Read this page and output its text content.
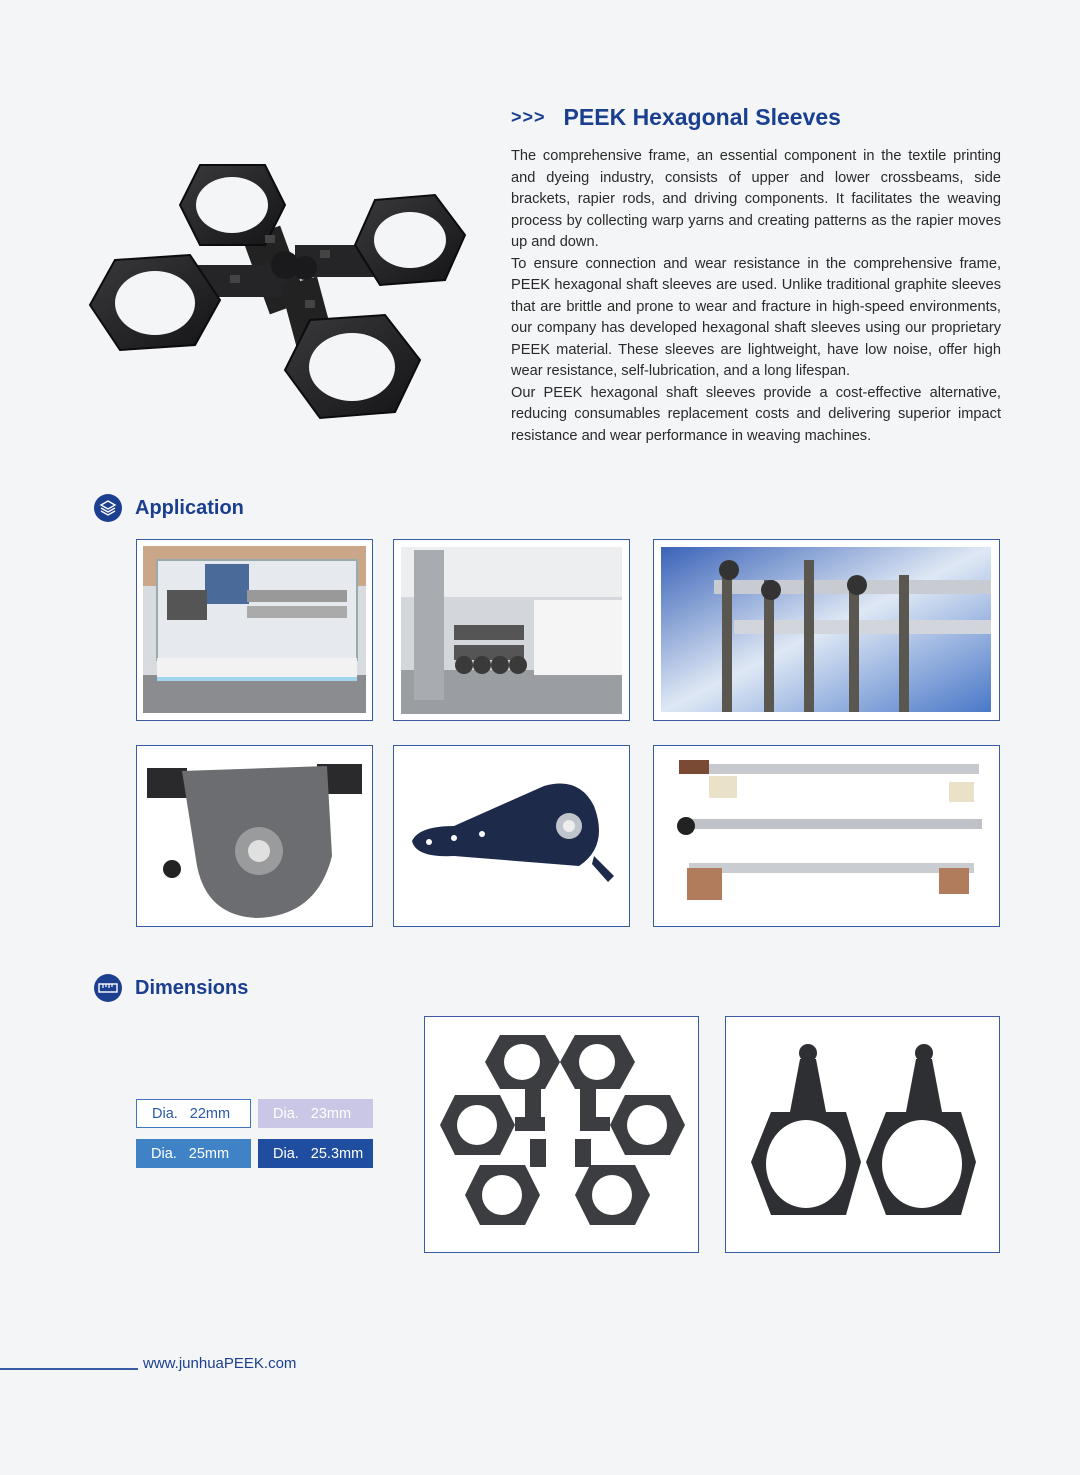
>>> PEEK Hexagonal Sleeves

The comprehensive frame, an essential component in the textile printing and dyeing industry, consists of upper and lower crossbeams, side brackets, rapier rods, and driving components. It facilitates the weaving process by collecting warp yarns and creating patterns as the rapier moves up and down.

To ensure connection and wear resistance in the comprehensive frame, PEEK hexagonal shaft sleeves are used. Unlike traditional graphite sleeves that are brittle and prone to wear and fracture in high-speed environments, our company has developed hexagonal shaft sleeves using our proprietary PEEK material. These sleeves are lightweight, have low noise, offer high wear resistance, self-lubrication, and a long lifespan.

Our PEEK hexagonal shaft sleeves provide a cost-effective alternative, reducing consumables replacement costs and delivering superior impact resistance and wear performance in weaving machines.

Application
Dimensions
Dia. 22mm	Dia. 23mm
Dia. 25mm	Dia. 25.3mm
www.junhuaPEEK.com
